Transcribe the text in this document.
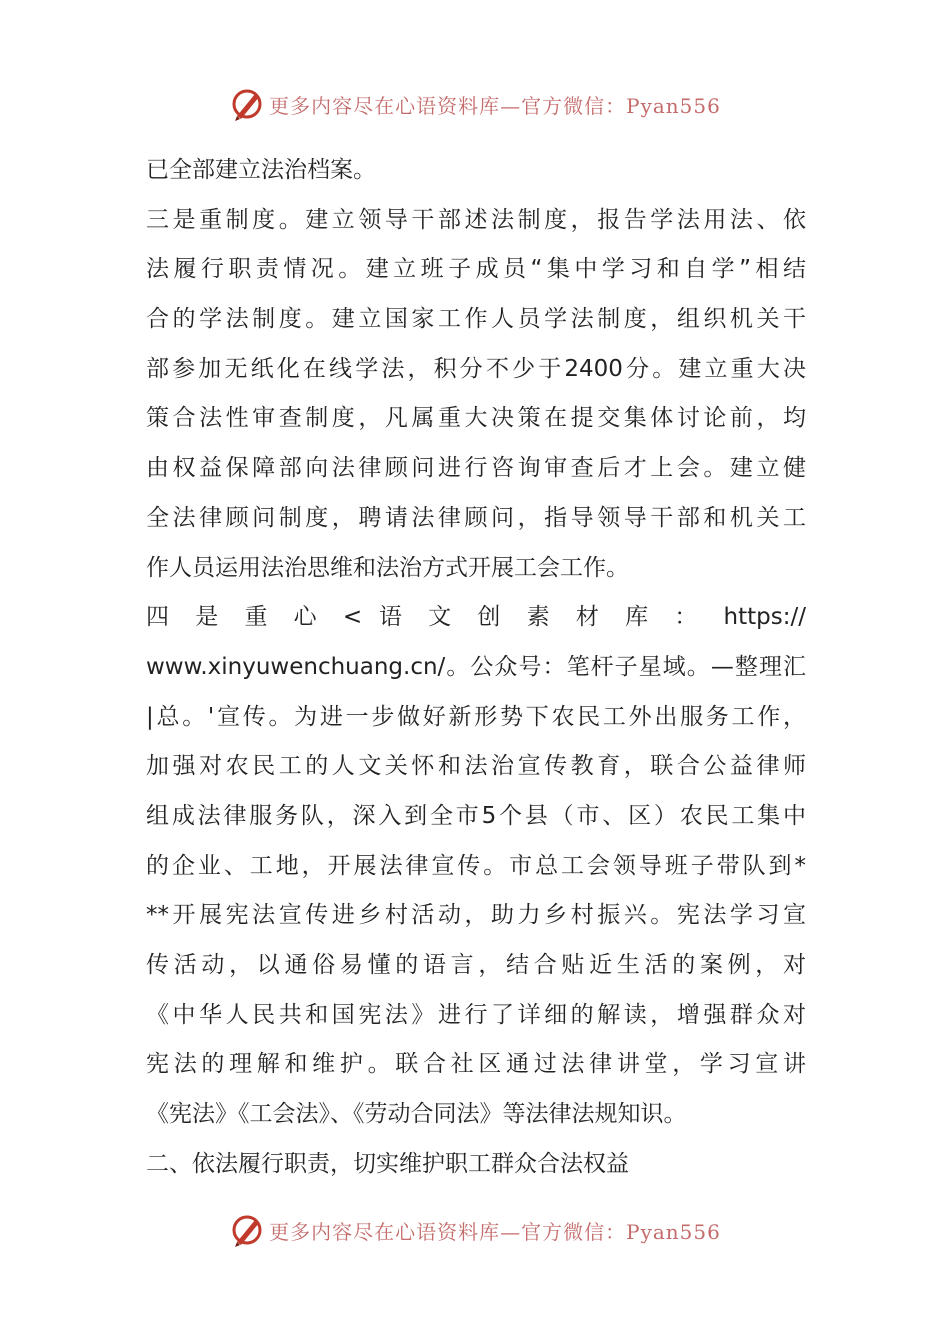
更多内容尽在心语资料库—官方微信：Pyan556
已全部建立法治档案。
三是重制度。建立领导干部述法制度，报告学法用法、依
法履行职责情况。建立班子成员“集中学习和自学”相结
合的学法制度。建立国家工作人员学法制度，组织机关干
部参加无纸化在线学法，积分不少于2400分。建立重大决
策合法性审查制度，凡属重大决策在提交集体讨论前，均
由权益保障部向法律顾问进行咨询审查后才上会。建立健
全法律顾问制度，聘请法律顾问，指导领导干部和机关工
作人员运用法治思维和法治方式开展工会工作。
四 是 重 心 < 语 文 创 素 材 库 ： https://
www.xinyuwenchuang.cn/。公众号：笔杆子星域。—整理汇
|总。'宣传。为进一步做好新形势下农民工外出服务工作，
加强对农民工的人文关怀和法治宣传教育，联合公益律师
组成法律服务队，深入到全市5个县（市、区）农民工集中
的企业、工地，开展法律宣传。市总工会领导班子带队到*
**开展宪法宣传进乡村活动，助力乡村振兴。宪法学习宣
传活动，以通俗易懂的语言，结合贴近生活的案例，对
《中华人民共和国宪法》进行了详细的解读，增强群众对
宪法的理解和维护。联合社区通过法律讲堂，学习宣讲
《宪法》《工会法》、《劳动合同法》等法律法规知识。
二、依法履行职责，切实维护职工群众合法权益
更多内容尽在心语资料库—官方微信：Pyan556
